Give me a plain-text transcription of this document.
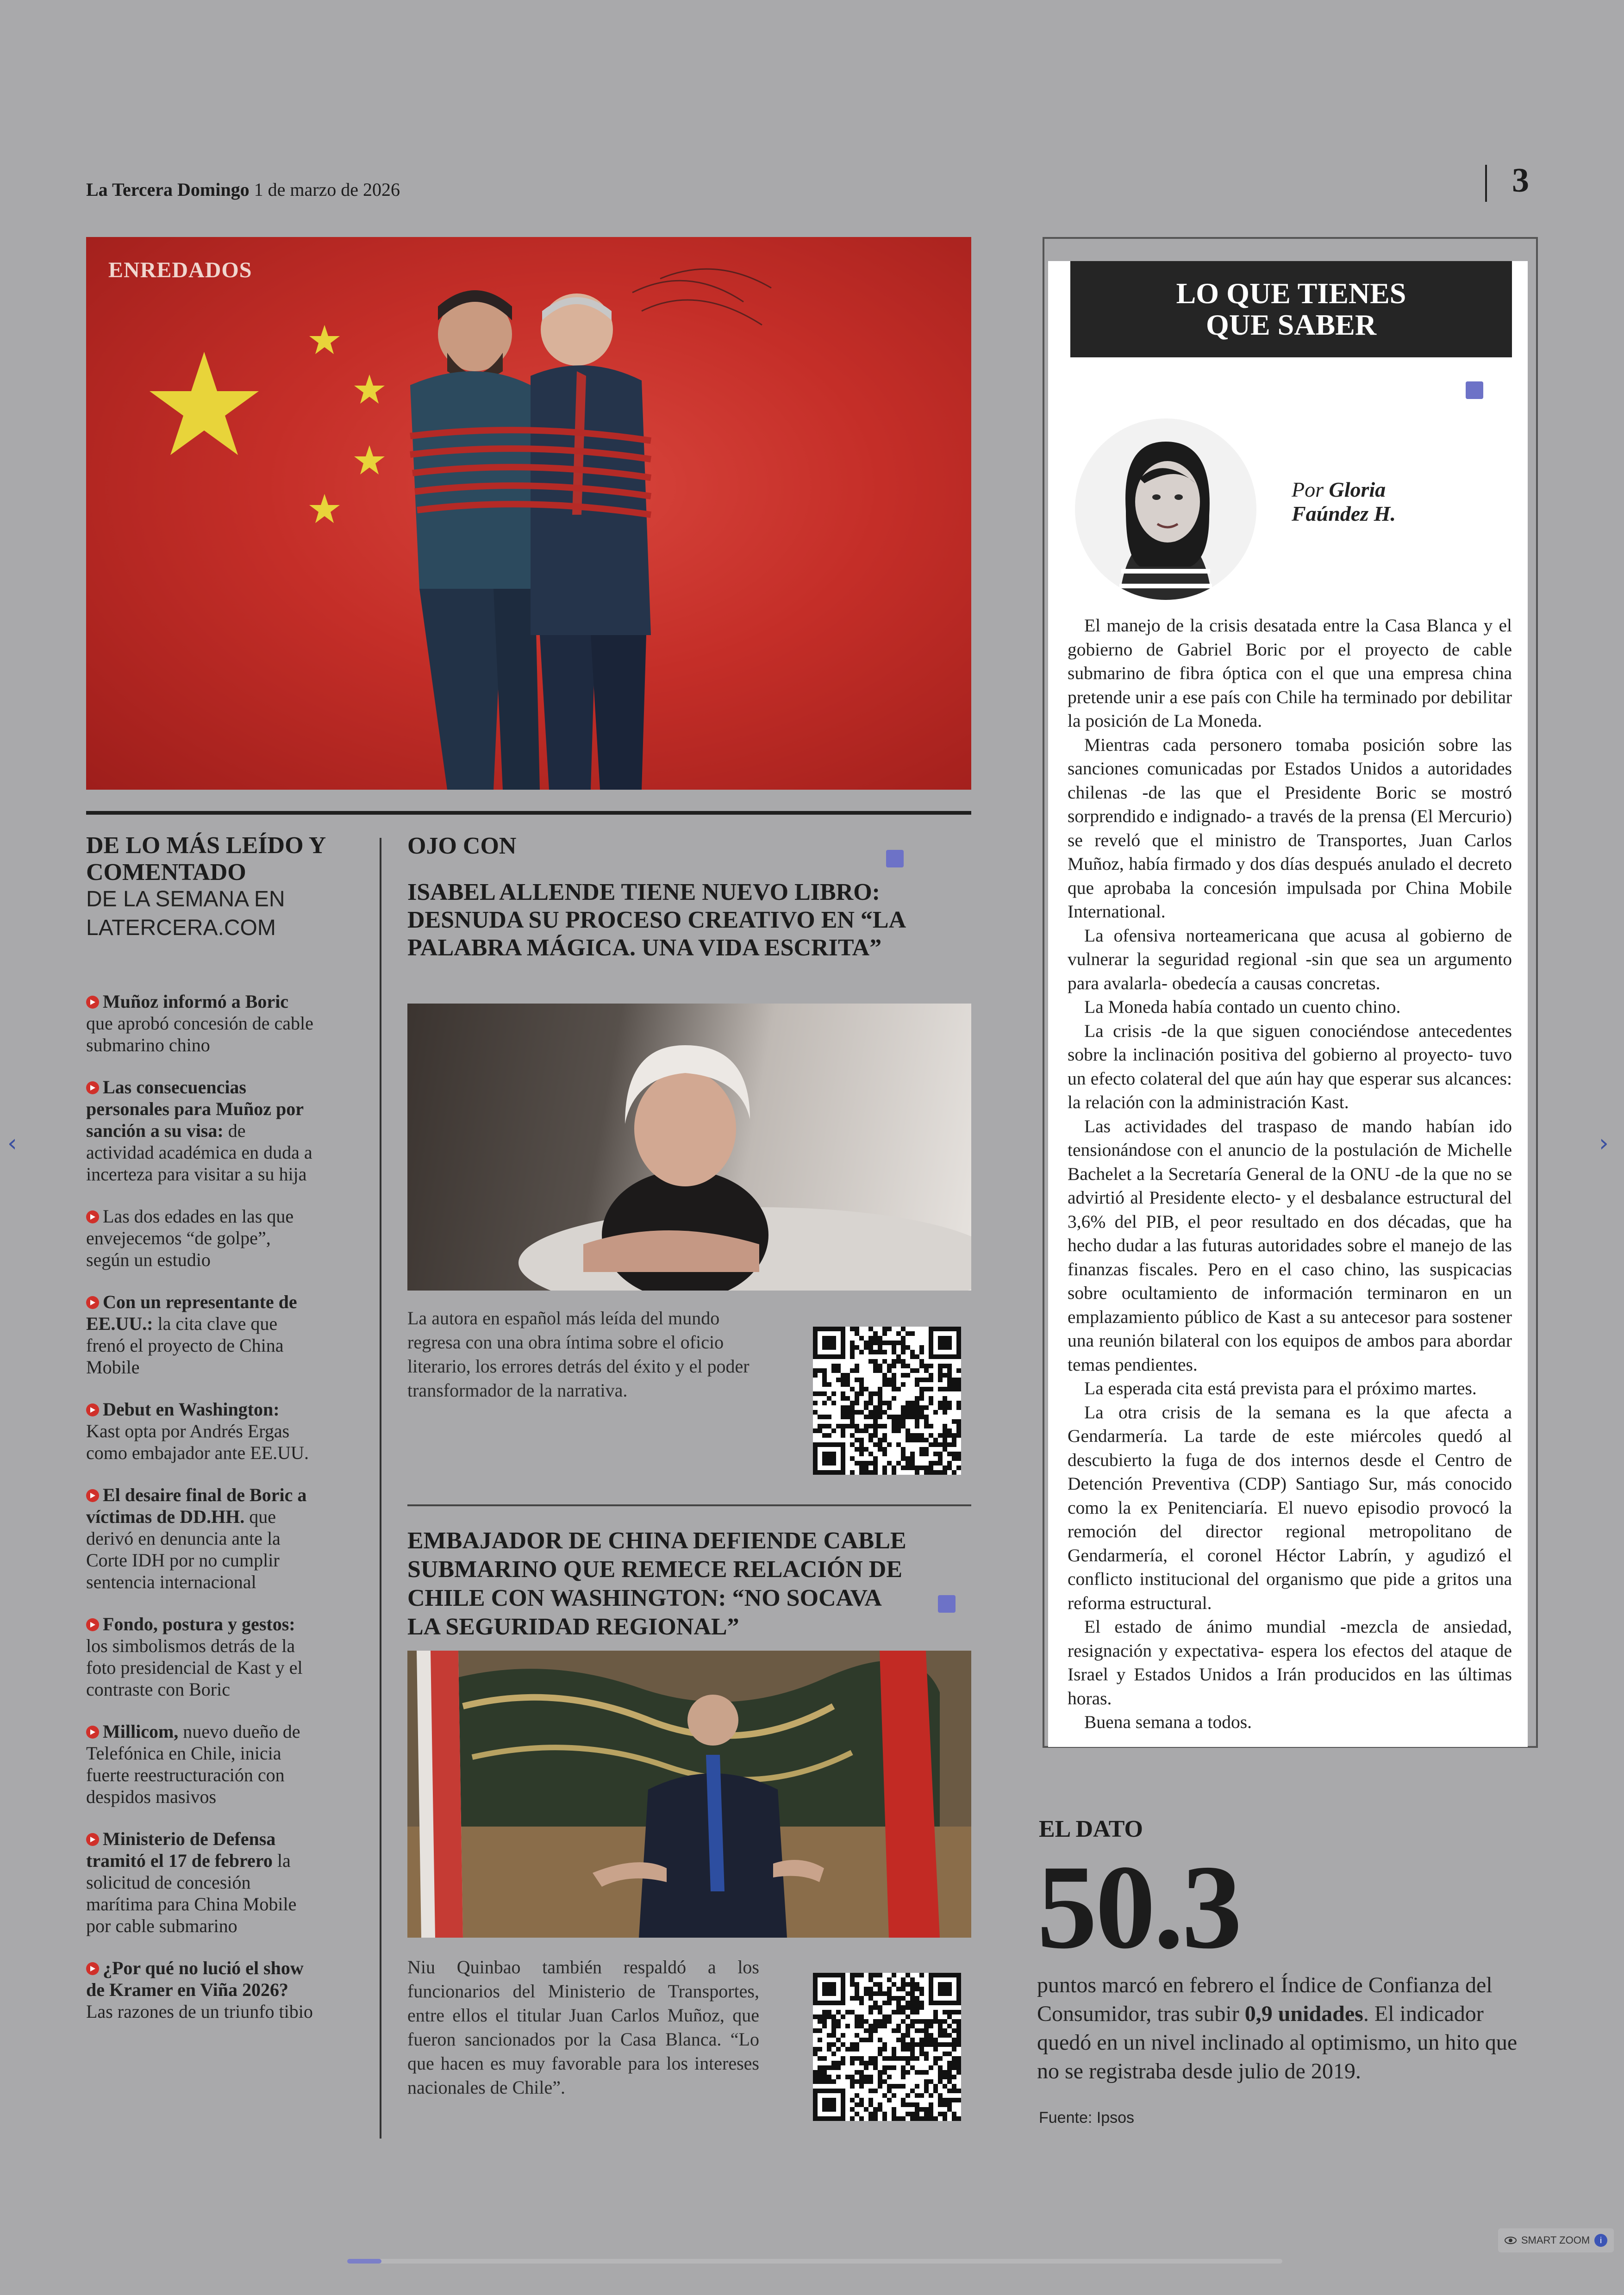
La Tercera Domingo 1 de marzo de 2026	3
ENREDADOS
DE LO MÁS LEÍDO Y COMENTADO
DE LA SEMANA EN LATERCERA.COM
Muñoz informó a Boric que aprobó concesión de cable submarino chino
Las consecuencias personales para Muñoz por sanción a su visa: de actividad académica en duda a incerteza para visitar a su hija
Las dos edades en las que envejecemos “de golpe”, según un estudio
Con un representante de EE.UU.: la cita clave que frenó el proyecto de China Mobile
Debut en Washington: Kast opta por Andrés Ergas como embajador ante EE.UU.
El desaire final de Boric a víctimas de DD.HH. que derivó en denuncia ante la Corte IDH por no cumplir sentencia internacional
Fondo, postura y gestos: los simbolismos detrás de la foto presidencial de Kast y el contraste con Boric
Millicom, nuevo dueño de Telefónica en Chile, inicia fuerte reestructuración con despidos masivos
Ministerio de Defensa tramitó el 17 de febrero la solicitud de concesión marítima para China Mobile por cable submarino
¿Por qué no lució el show de Kramer en Viña 2026? Las razones de un triunfo tibio
OJO CON
ISABEL ALLENDE TIENE NUEVO LIBRO: DESNUDA SU PROCESO CREATIVO EN “LA PALABRA MÁGICA. UNA VIDA ESCRITA”
La autora en español más leída del mundo regresa con una obra íntima sobre el oficio literario, los errores detrás del éxito y el poder transformador de la narrativa.
EMBAJADOR DE CHINA DEFIENDE CABLE SUBMARINO QUE REMECE RELACIÓN DE CHILE CON WASHINGTON: “NO SOCAVA LA SEGURIDAD REGIONAL”
Niu Quinbao también respaldó a los funcionarios del Ministerio de Transportes, entre ellos el titular Juan Carlos Muñoz, que fueron sancionados por la Casa Blanca. “Lo que hacen es muy favorable para los intereses nacionales de Chile”.
LO QUE TIENES
QUE SABER
Por Gloria
Faúndez H.

El manejo de la crisis desatada entre la Casa Blanca y el gobierno de Gabriel Boric por el proyecto de cable submarino de fibra óptica con el que una empresa china pretende unir a ese país con Chile ha terminado por debilitar la posición de La Moneda.

Mientras cada personero tomaba posición sobre las sanciones comunicadas por Estados Unidos a autoridades chilenas -de las que el Presidente Boric se mostró sorprendido e indignado- a través de la prensa (El Mercurio) se reveló que el ministro de Transportes, Juan Carlos Muñoz, había firmado y dos días después anulado el decreto que aprobaba la concesión impulsada por China Mobile International.

La ofensiva norteamericana que acusa al gobierno de vulnerar la seguridad regional -sin que sea un argumento para avalarla- obedecía a causas concretas.

La Moneda había contado un cuento chino.

La crisis -de la que siguen conociéndose antecedentes sobre la inclinación positiva del gobierno al proyecto- tuvo un efecto colateral del que aún hay que esperar sus alcances: la relación con la administración Kast.

Las actividades del traspaso de mando habían ido tensionándose con el anuncio de la postulación de Michelle Bachelet a la Secretaría General de la ONU -de la que no se advirtió al Presidente electo- y el desbalance estructural del 3,6% del PIB, el peor resultado en dos décadas, que ha hecho dudar a las futuras autoridades sobre el manejo de las finanzas fiscales. Pero en el caso chino, las suspicacias sobre ocultamiento de información terminaron en un emplazamiento público de Kast a su antecesor para sostener una reunión bilateral con los equipos de ambos para abordar temas pendientes.

La esperada cita está prevista para el próximo martes.

La otra crisis de la semana es la que afecta a Gendarmería. La tarde de este miércoles quedó al descubierto la fuga de dos internos desde el Centro de Detención Preventiva (CDP) Santiago Sur, más conocido como la ex Penitenciaría. El nuevo episodio provocó la remoción del director regional metropolitano de Gendarmería, el coronel Héctor Labrín, y agudizó el conflicto institucional del organismo que pide a gritos una reforma estructural.

El estado de ánimo mundial -mezcla de ansiedad, resignación y expectativa- espera los efectos del ataque de Israel y Estados Unidos a Irán producidos en las últimas horas.

Buena semana a todos.

EL DATO
50.3
puntos marcó en febrero el Índice de Confianza del Consumidor, tras subir 0,9 unidades. El indicador quedó en un nivel inclinado al optimismo, un hito que no se registraba desde julio de 2019.
Fuente: Ipsos
‹	›
SMART ZOOM	i
